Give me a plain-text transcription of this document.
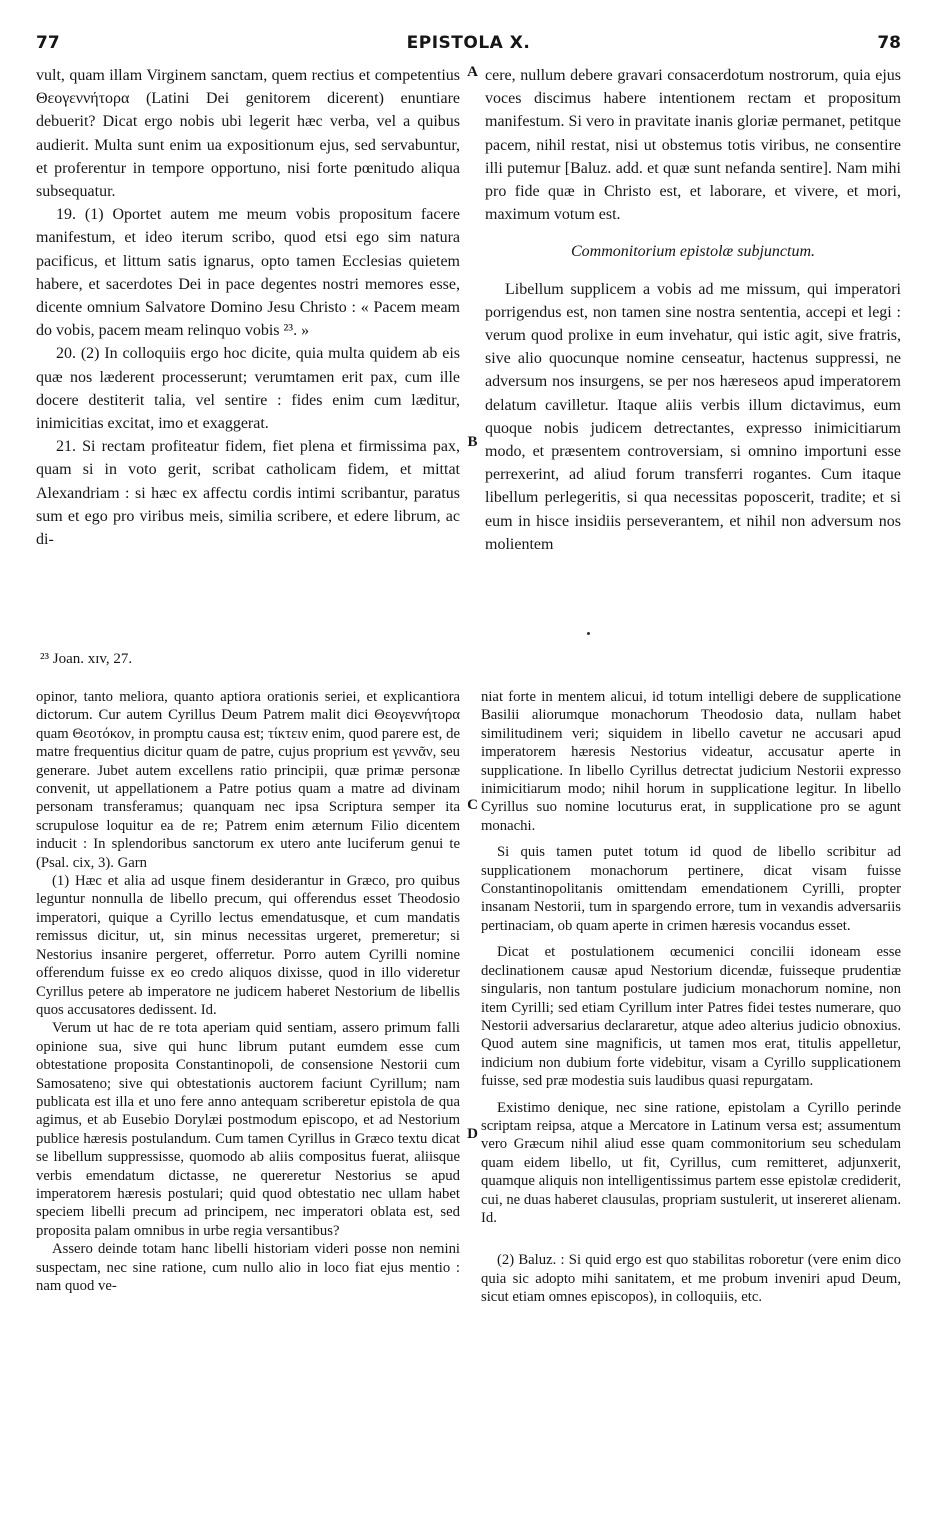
77	EPISTOLA X.	78

vult, quam illam Virginem sanctam, quem rectius et competentius Θεογεννήτορα (Latini Dei genitorem dicerent) enuntiare debuerit? Dicat ergo nobis ubi legerit hæc verba, vel a quibus audierit. Multa sunt enim ua expositionum ejus, sed servabuntur, et proferentur in tempore opportuno, nisi forte pœnitudo aliqua subsequatur.

19. (1) Oportet autem me meum vobis propositum facere manifestum, et ideo iterum scribo, quod etsi ego sim natura pacificus, et littum satis ignarus, opto tamen Ecclesias quietem habere, et sacerdotes Dei in pace degentes nostri memores esse, dicente omnium Salvatore Domino Jesu Christo : « Pacem meam do vobis, pacem meam relinquo vobis ²³. »

20. (2) In colloquiis ergo hoc dicite, quia multa quidem ab eis quæ nos læderent processerunt; verumtamen erit pax, cum ille docere destiterit talia, vel sentire : fides enim cum læditur, inimicitias excitat, imo et exaggerat.

21. Si rectam profiteatur fidem, fiet plena et firmissima pax, quam si in voto gerit, scribat catholicam fidem, et mittat Alexandriam : si hæc ex affectu cordis intimi scribantur, paratus sum et ego pro viribus meis, similia scribere, et edere librum, ac di-

cere, nullum debere gravari consacerdotum nostrorum, quia ejus voces discimus habere intentionem rectam et propositum manifestum. Si vero in pravitate inanis gloriæ permanet, petitque pacem, nihil restat, nisi ut obstemus totis viribus, ne consentire illi putemur [Baluz. add. et quæ sunt nefanda sentire]. Nam mihi pro fide quæ in Christo est, et laborare, et vivere, et mori, maximum votum est.

Commonitorium epistolæ subjunctum.

Libellum supplicem a vobis ad me missum, qui imperatori porrigendus est, non tamen sine nostra sententia, accepi et legi : verum quod prolixe in eum invehatur, qui istic agit, sive fratris, sive alio quocunque nomine censeatur, hactenus suppressi, ne adversum nos insurgens, se per nos hæreseos apud imperatorem delatum cavilletur. Itaque aliis verbis illum dictavimus, eum quoque nobis judicem detrectantes, expresso inimicitiarum modo, et præsentem controversiam, si omnino importuni esse perrexerint, ad aliud forum transferri rogantes. Cum itaque libellum perlegeritis, si qua necessitas poposcerit, tradite; et si eum in hisce insidiis perseverantem, et nihil non adversum nos molientem

A
B
C
D
²³ Joan. xɪv, 27.

opinor, tanto meliora, quanto aptiora orationis seriei, et explicantiora dictorum. Cur autem Cyrillus Deum Patrem malit dici Θεογεννήτορα quam Θεοτόκον, in promptu causa est; τίκτειν enim, quod parere est, de matre frequentius dicitur quam de patre, cujus proprium est γεννᾶν, seu generare. Jubet autem excellens ratio principii, quæ primæ personæ convenit, ut appellationem a Patre potius quam a matre ad divinam personam transferamus; quanquam nec ipsa Scriptura semper ita scrupulose loquitur ea de re; Patrem enim æternum Filio dicentem inducit : In splendoribus sanctorum ex utero ante luciferum genui te (Psal. cix, 3). Garn

(1) Hæc et alia ad usque finem desiderantur in Græco, pro quibus leguntur nonnulla de libello precum, qui offerendus esset Theodosio imperatori, quique a Cyrillo lectus emendatusque, et cum mandatis remissus dicitur, ut, sin minus necessitas urgeret, premeretur; si Nestorius insanire pergeret, offerretur. Porro autem Cyrilli nomine offerendum fuisse ex eo credo aliquos dixisse, quod in illo videretur Cyrillus petere ab imperatore ne judicem haberet Nestorium de libellis quos accusatores dedissent. Id.

Verum ut hac de re tota aperiam quid sentiam, assero primum falli opinione sua, sive qui hunc librum putant eumdem esse cum obtestatione proposita Constantinopoli, de consensione Nestorii cum Samosateno; sive qui obtestationis auctorem faciunt Cyrillum; nam publicata est illa et uno fere anno antequam scriberetur epistola de qua agimus, et ab Eusebio Dorylæi postmodum episcopo, et ad Nestorium publice hæresis postulandum. Cum tamen Cyrillus in Græco textu dicat se libellum suppressisse, quomodo ab aliis compositus fuerat, aliisque verbis emendatum dictasse, ne quereretur Nestorius se apud imperatorem hæresis postulari; quid quod obtestatio nec ullam habet speciem libelli precum ad principem, nec imperatori oblata est, sed proposita palam omnibus in urbe regia versantibus?

Assero deinde totam hanc libelli historiam videri posse non nemini suspectam, nec sine ratione, cum nullo alio in loco fiat ejus mentio : nam quod ve-

niat forte in mentem alicui, id totum intelligi debere de supplicatione Basilii aliorumque monachorum Theodosio data, nullam habet similitudinem veri; siquidem in libello cavetur ne accusari apud imperatorem hæresis Nestorius videatur, accusatur aperte in supplicatione. In libello Cyrillus detrectat judicium Nestorii expresso inimicitiarum modo; nihil horum in supplicatione legitur. In libello Cyrillus suo nomine locuturus erat, in supplicatione pro se agunt monachi.

Si quis tamen putet totum id quod de libello scribitur ad supplicationem monachorum pertinere, dicat visam fuisse Constantinopolitanis omittendam emendationem Cyrilli, propter insanam Nestorii, tum in spargendo errore, tum in vexandis adversariis pertinaciam, ob quam aperte in crimen hæresis vocandus esset.

Dicat et postulationem œcumenici concilii idoneam esse declinationem causæ apud Nestorium dicendæ, fuisseque prudentiæ singularis, non tantum postulare judicium monachorum nomine, non item Cyrilli; sed etiam Cyrillum inter Patres fidei testes numerare, quo Nestorii adversarius declararetur, atque adeo alterius judicio obnoxius. Quod autem sine magnificis, ut tamen mos erat, titulis appelletur, indicium non dubium forte videbitur, visam a Cyrillo supplicationem fuisse, sed præ modestia suis laudibus quasi repurgatam.

Existimo denique, nec sine ratione, epistolam a Cyrillo perinde scriptam reipsa, atque a Mercatore in Latinum versa est; assumentum vero Græcum nihil aliud esse quam commonitorium seu schedulam quam eidem libello, ut fit, Cyrillus, cum remitteret, adjunxerit, quamque aliquis non intelligentissimus partem esse epistolæ crediderit, cui, ne duas haberet clausulas, propriam sustulerit, ut insereret alienam. Id.

(2) Baluz. : Si quid ergo est quo stabilitas roboretur (vere enim dico quia sic adopto mihi sanitatem, et me probum inveniri apud Deum, sicut etiam omnes episcopos), in colloquiis, etc.
